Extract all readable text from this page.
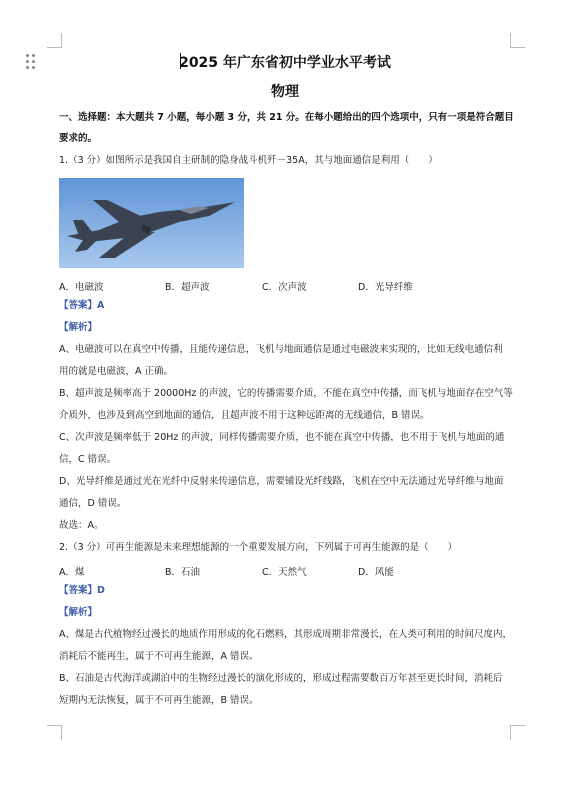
2025 年广东省初中学业水平考试
物理
一、选择题：本大题共 7 小题，每小题 3 分，共 21 分。在每小题给出的四个选项中，只有一项是符合题目
要求的。
1.（3 分）如图所示是我国自主研制的隐身战斗机歼－35A，其与地面通信是利用（　　）
A．电磁波	B．超声波	C．次声波	D．光导纤维
【答案】A
【解析】
A、电磁波可以在真空中传播，且能传递信息，飞机与地面通信是通过电磁波来实现的，比如无线电通信利
用的就是电磁波，A 正确。
B、超声波是频率高于 20000Hz 的声波，它的传播需要介质，不能在真空中传播，而飞机与地面存在空气等
介质外，也涉及到高空到地面的通信，且超声波不用于这种远距离的无线通信，B 错误。
C、次声波是频率低于 20Hz 的声波，同样传播需要介质，也不能在真空中传播，也不用于飞机与地面的通
信，C 错误。
D、光导纤维是通过光在光纤中反射来传递信息，需要铺设光纤线路，飞机在空中无法通过光导纤维与地面
通信，D 错误。
故选：A。
2.（3 分）可再生能源是未来理想能源的一个重要发展方向，下列属于可再生能源的是（　　）
A．煤	B．石油	C．天然气	D．风能
【答案】D
【解析】
A、煤是古代植物经过漫长的地质作用形成的化石燃料，其形成周期非常漫长，在人类可利用的时间尺度内，
消耗后不能再生，属于不可再生能源，A 错误。
B、石油是古代海洋或湖泊中的生物经过漫长的演化形成的，形成过程需要数百万年甚至更长时间，消耗后
短期内无法恢复，属于不可再生能源，B 错误。
